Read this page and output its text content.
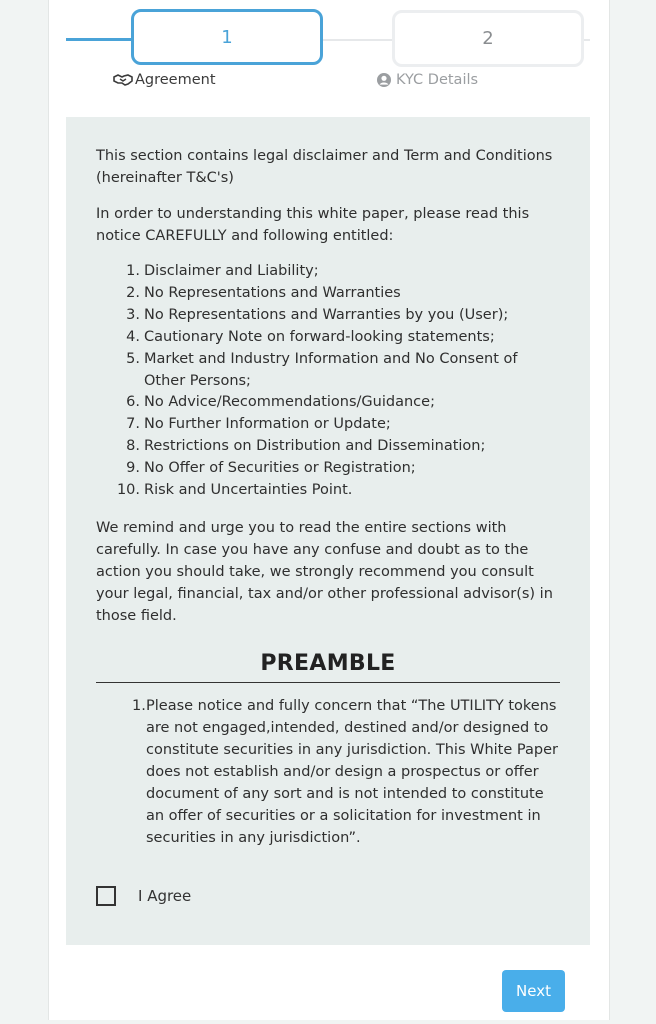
1	2
Agreement	KYC Details
This section contains legal disclaimer and Term and Conditions (hereinafter T&C's)
In order to understanding this white paper, please read this notice CAREFULLY and following entitled:
1. Disclaimer and Liability;
2. No Representations and Warranties
3. No Representations and Warranties by you (User);
4. Cautionary Note on forward-looking statements;
5. Market and Industry Information and No Consent of Other Persons;
6. No Advice/Recommendations/Guidance;
7. No Further Information or Update;
8. Restrictions on Distribution and Dissemination;
9. No Offer of Securities or Registration;
10. Risk and Uncertainties Point.
We remind and urge you to read the entire sections with carefully. In case you have any confuse and doubt as to the action you should take, we strongly recommend you consult your legal, financial, tax and/or other professional advisor(s) in those field.
PREAMBLE
1. Please notice and fully concern that “The UTILITY tokens are not engaged,intended, destined and/or designed to constitute securities in any jurisdiction. This White Paper does not establish and/or design a prospectus or offer document of any sort and is not intended to constitute an offer of securities or a solicitation for investment in securities in any jurisdiction”.
I Agree
Next
